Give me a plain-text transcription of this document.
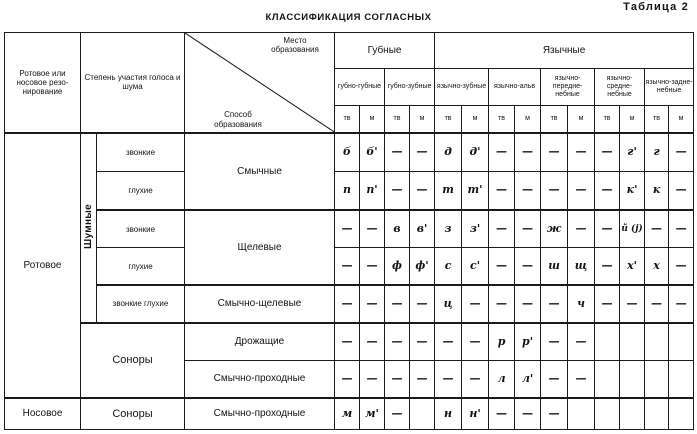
Таблица 2
КЛАССИФИКАЦИЯ СОГЛАСНЫХ
Ротовое или носовое резо-нирование	Степень участия голоса и шума		Место образования
Способ образования	Губные				Язычные									
				губно-губные		губно-зубные		язычно-зубные		язычно-альв		язычно-передне-небные		язычно-средне-небные		язычно-задне-небные	
				тв	м	тв	м	тв	м	тв	м	тв	м	тв	м	тв	м
Ротовое	Шумные	звонкие	Смычные	б	б'	—	—	д	д'	—	—	—	—	—	г'	г	—
		глухие		п	п'	—	—	т	т'	—	—	—	—	—	к'	к	—
		звонкие	Щелевые	—	—	в	в'	з	з'	—	—	ж	—	—	й (j)	—	—
		глухие		—	—	ф	ф'	с	с'	—	—	ш	щ	—	х'	х	—
		звонкие глухие	Смычно-щелевые	—	—	—	—	ц	—	—	—	—	ч	—	—	—	—
	Соноры		Дрожащие	—	—	—	—	—	—	р	р'	—	—				
			Смычно-проходные	—	—	—	—	—	—	л	л'	—	—				
Носовое	Соноры		Смычно-проходные	м	м'	—		н	н'	—	—	—					
